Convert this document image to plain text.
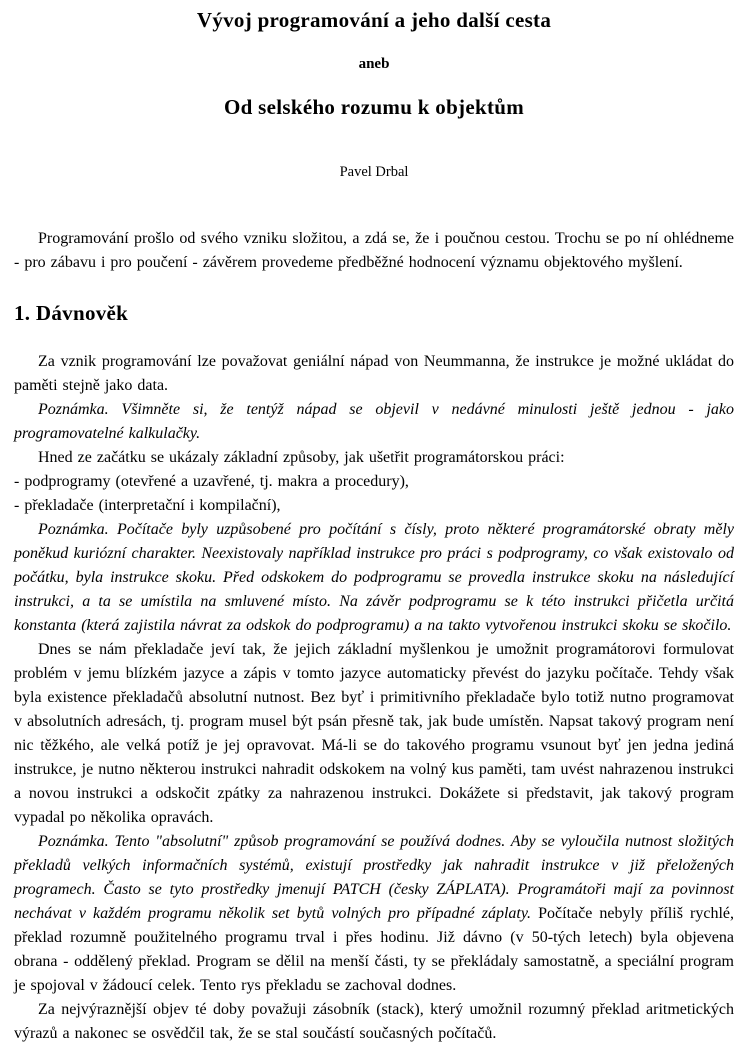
Vývoj programování a jeho další cesta
aneb
Od selského rozumu k objektům
Pavel Drbal

Programování prošlo od svého vzniku složitou, a zdá se, že i poučnou cestou. Trochu se po ní ohlédneme - pro zábavu i pro poučení - závěrem provedeme předběžné hodnocení významu objektového myšlení.

1. Dávnověk

Za vznik programování lze považovat geniální nápad von Neummanna, že instrukce je možné ukládat do paměti stejně jako data.

Poznámka. Všimněte si, že tentýž nápad se objevil v nedávné minulosti ještě jednou - jako programovatelné kalkulačky.

Hned ze začátku se ukázaly základní způsoby, jak ušetřit programátorskou práci:

- podprogramy (otevřené a uzavřené, tj. makra a procedury),

- překladače (interpretační i kompilační),

Poznámka. Počítače byly uzpůsobené pro počítání s čísly, proto některé programátorské obraty měly poněkud kuriózní charakter. Neexistovaly například instrukce pro práci s podprogramy, co však existovalo od počátku, byla instrukce skoku. Před odskokem do podprogramu se provedla instrukce skoku na následující instrukci, a ta se umístila na smluvené místo. Na závěr podprogramu se k této instrukci přičetla určitá konstanta (která zajistila návrat za odskok do podprogramu) a na takto vytvořenou instrukci skoku se skočilo.

Dnes se nám překladače jeví tak, že jejich základní myšlenkou je umožnit programátorovi formulovat problém v jemu blízkém jazyce a zápis v tomto jazyce automaticky převést do jazyku počítače. Tehdy však byla existence překladačů absolutní nutnost. Bez byť i primitivního překladače bylo totiž nutno programovat v absolutních adresách, tj. program musel být psán přesně tak, jak bude umístěn. Napsat takový program není nic těžkého, ale velká potíž je jej opravovat. Má-li se do takového programu vsunout byť jen jedna jediná instrukce, je nutno některou instrukci nahradit odskokem na volný kus paměti, tam uvést nahrazenou instrukci a novou instrukci a odskočit zpátky za nahrazenou instrukci. Dokážete si představit, jak takový program vypadal po několika opravách.

Poznámka. Tento "absolutní" způsob programování se používá dodnes. Aby se vyloučila nutnost složitých překladů velkých informačních systémů, existují prostředky jak nahradit instrukce v již přeložených programech. Často se tyto prostředky jmenují PATCH (česky ZÁPLATA). Programátoři mají za povinnost nechávat v každém programu několik set bytů volných pro případné záplaty. Počítače nebyly příliš rychlé, překlad rozumně použitelného programu trval i přes hodinu. Již dávno (v 50-tých letech) byla objevena obrana - oddělený překlad. Program se dělil na menší části, ty se překládaly samostatně, a speciální program je spojoval v žádoucí celek. Tento rys překladu se zachoval dodnes.

Za nejvýraznější objev té doby považuji zásobník (stack), který umožnil rozumný překlad aritmetických výrazů a nakonec se osvědčil tak, že se stal součástí současných počítačů.
